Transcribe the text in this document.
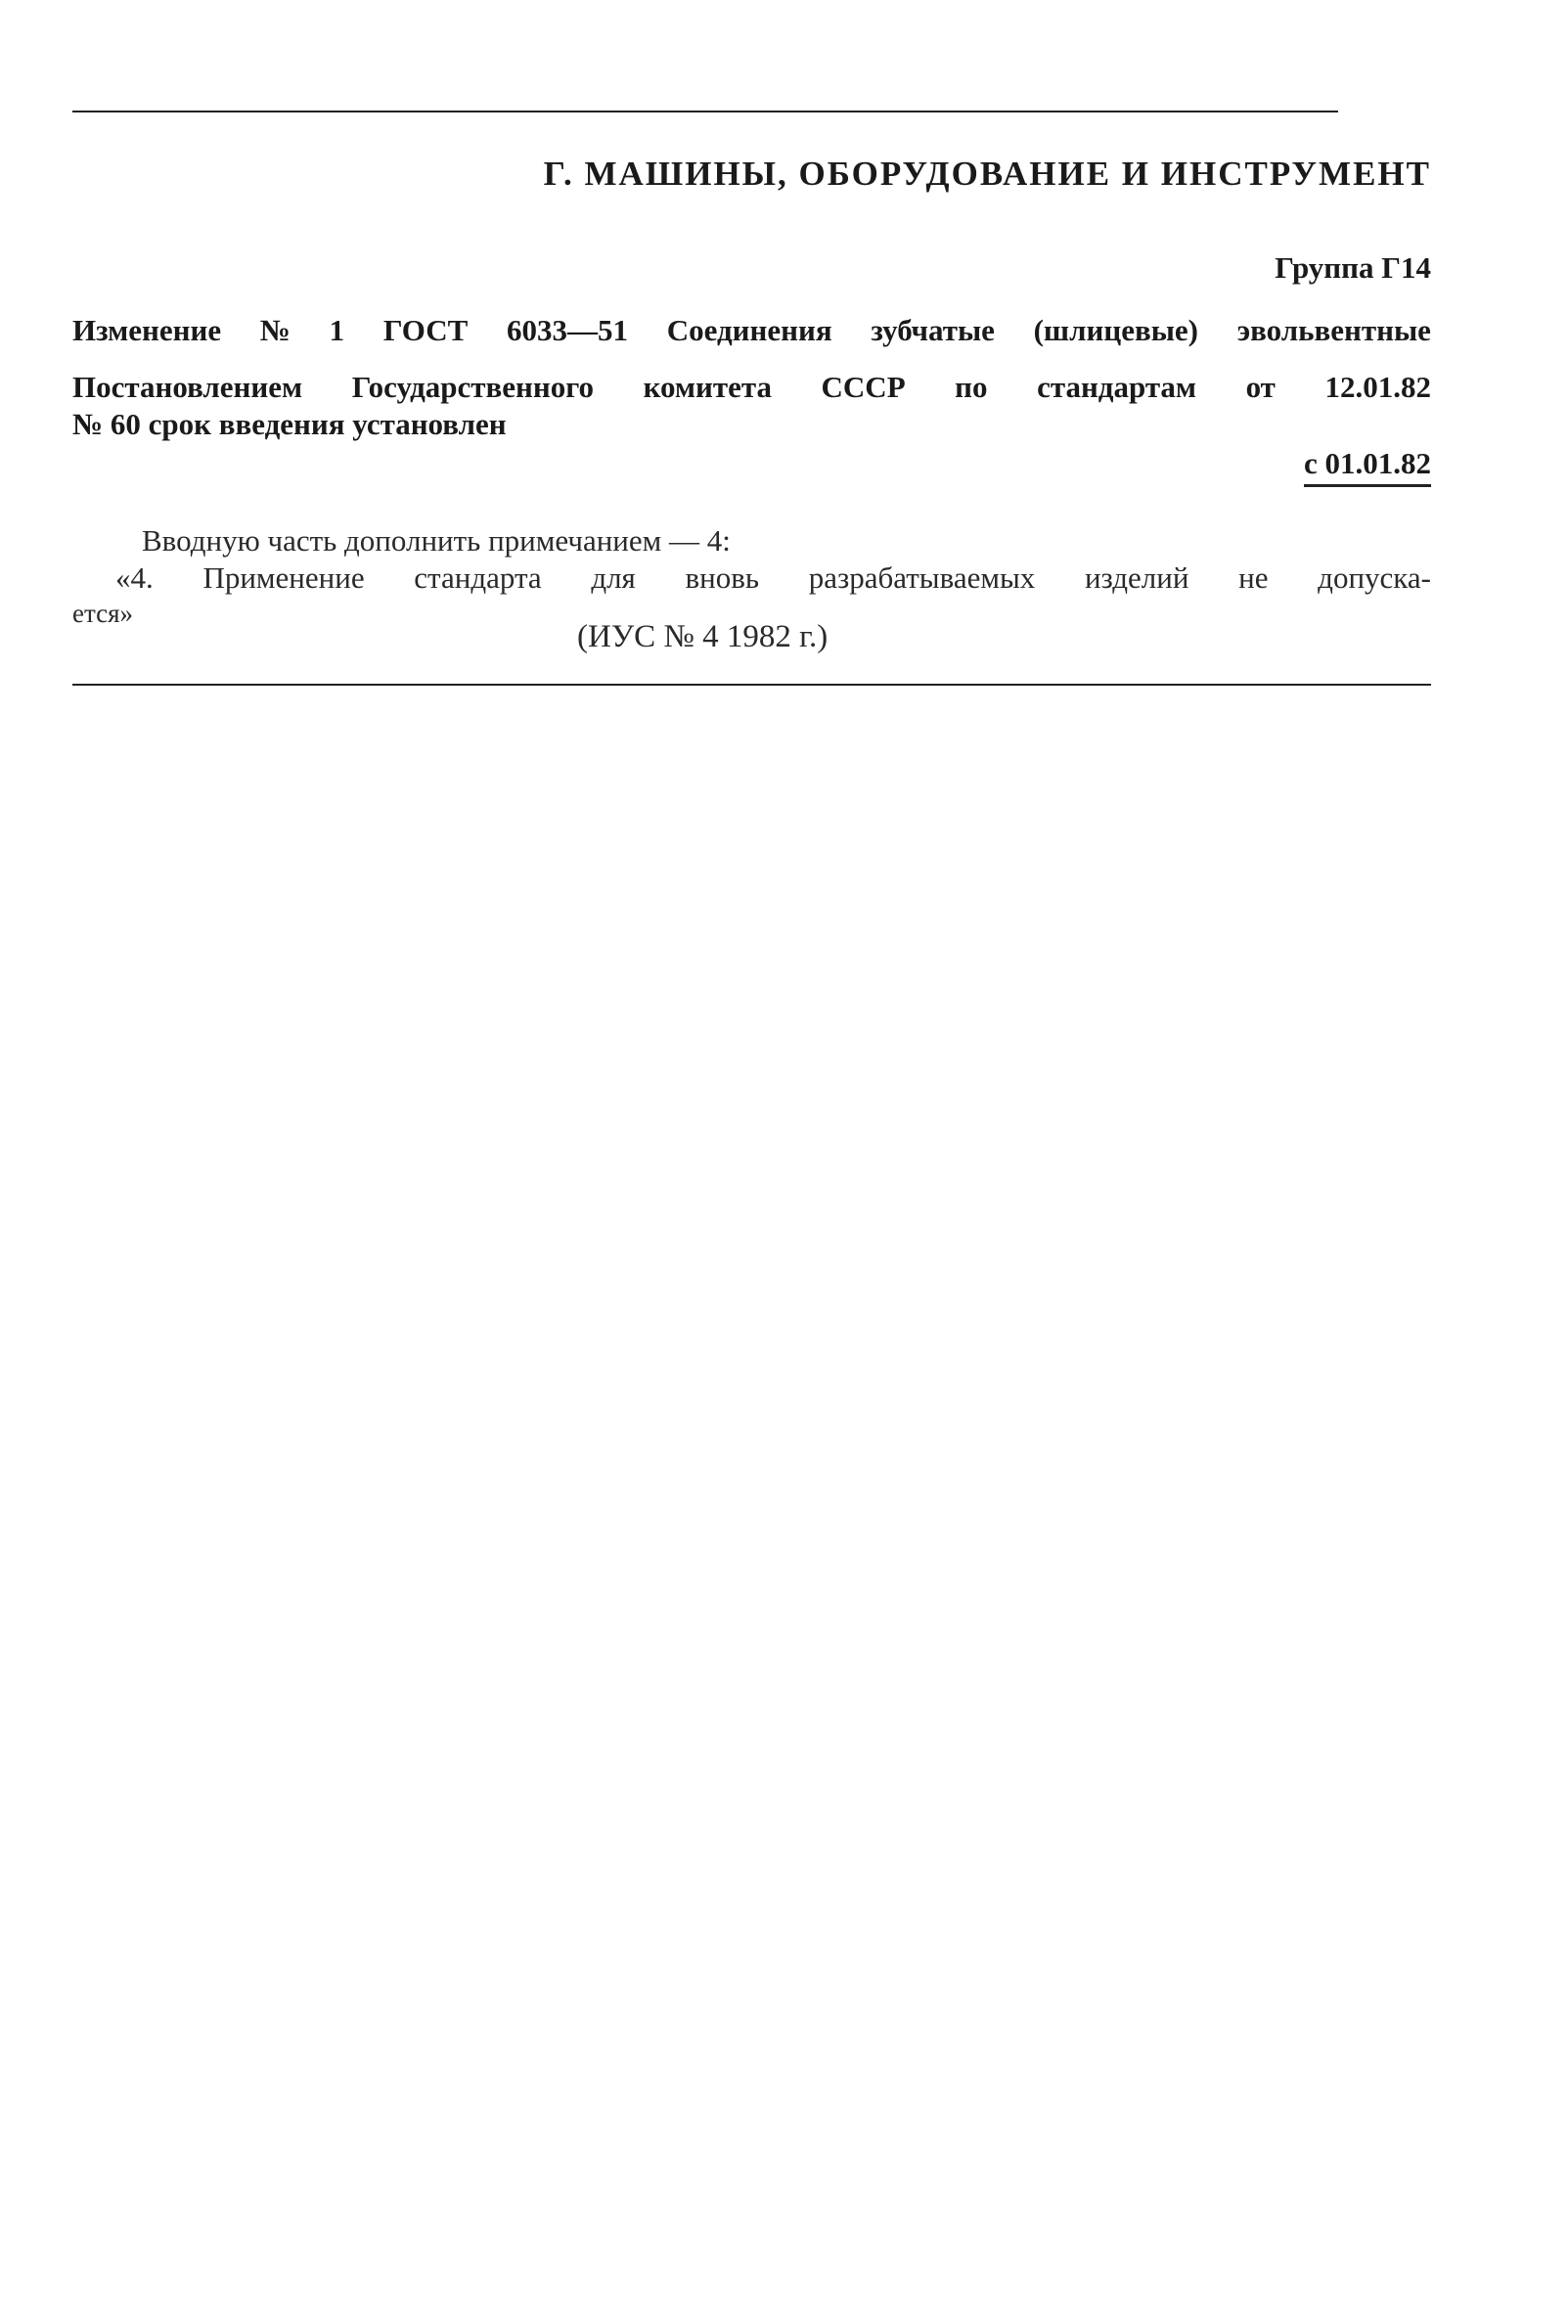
Г. МАШИНЫ, ОБОРУДОВАНИЕ И ИНСТРУМЕНТ
Группа Г14
Изменение № 1 ГОСТ 6033—51 Соединения зубчатые (шлицевые) эвольвентные
Постановлением Государственного комитета СССР по стандартам от 12.01.82
№ 60 срок введения установлен
с 01.01.82
Вводную часть дополнить примечанием — 4:
«4. Применение стандарта для вновь разрабатываемых изделий не допуска-
ется»
(ИУС № 4 1982 г.)
